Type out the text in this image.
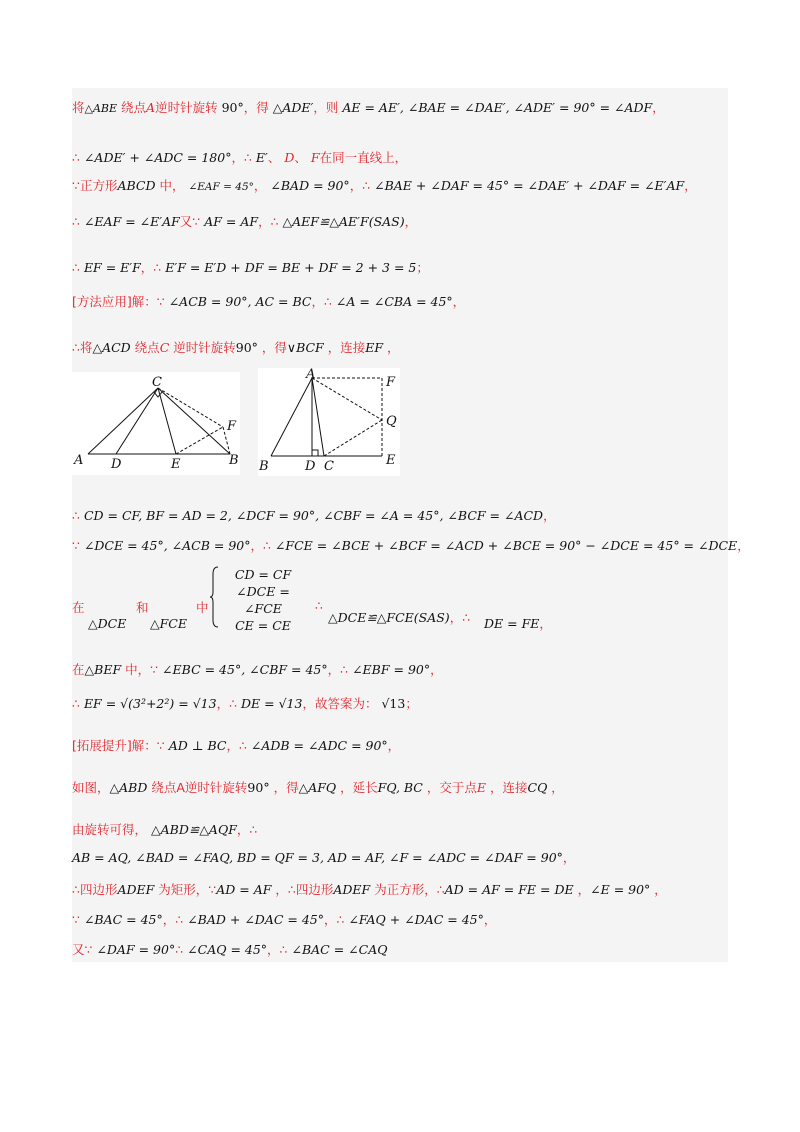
将△ABE 绕点A逆时针旋转 90°，得 △ADE′，则 AE = AE′, ∠BAE = ∠DAE′, ∠ADE′ = 90° = ∠ADF，
∴ ∠ADE′ + ∠ADC = 180°，∴ E′、 D、 F在同一直线上，
∵正方形ABCD 中， ∠EAF = 45°， ∠BAD = 90°，∴ ∠BAE + ∠DAF = 45° = ∠DAE′ + ∠DAF = ∠E′AF，
∴ ∠EAF = ∠E′AF又∵ AF = AF，∴ △AEF≌△AE′F(SAS)，
∴ EF = E′F，∴ E′F = E′D + DF = BE + DF = 2 + 3 = 5；
[方法应用]解：∵ ∠ACB = 90°, AC = BC，∴ ∠A = ∠CBA = 45°，
∴将△ACD 绕点C 逆时针旋转90° ，得∨BCF ，连接EF ，
C
A D	E	B
F
A
B	D C
F
Q
E
∴ CD = CF, BF = AD = 2, ∠DCF = 90°, ∠CBF = ∠A = 45°, ∠BCF = ∠ACD，
∵ ∠DCE = 45°, ∠ACB = 90°，∴ ∠FCE = ∠BCE + ∠BCF = ∠ACD + ∠BCE = 90° − ∠DCE = 45° = ∠DCE，
在
△DCE
和
△FCE
中
CD = CF
∠DCE = ∠FCE
CE = CE
∴
△DCE≌△FCE(SAS)，∴ DE = FE，
在△BEF 中，∵ ∠EBC = 45°, ∠CBF = 45°，∴ ∠EBF = 90°，
∴ EF = √(3²+2²) = √13，∴ DE = √13，故答案为： √13；
[拓展提升]解：∵ AD ⊥ BC，∴ ∠ADB = ∠ADC = 90°，
如图，△ABD 绕点A逆时针旋转90° ，得△AFQ ，延长FQ, BC ，交于点E ，连接CQ ，
由旋转可得， △ABD≌△AQF，∴
AB = AQ, ∠BAD = ∠FAQ, BD = QF = 3, AD = AF, ∠F = ∠ADC = ∠DAF = 90°，
∴四边形ADEF 为矩形，∵AD = AF ，∴四边形ADEF 为正方形，∴AD = AF = FE = DE ，∠E = 90° ，
∵ ∠BAC = 45°，∴ ∠BAD + ∠DAC = 45°，∴ ∠FAQ + ∠DAC = 45°，
又∵ ∠DAF = 90°∴ ∠CAQ = 45°，∴ ∠BAC = ∠CAQ
